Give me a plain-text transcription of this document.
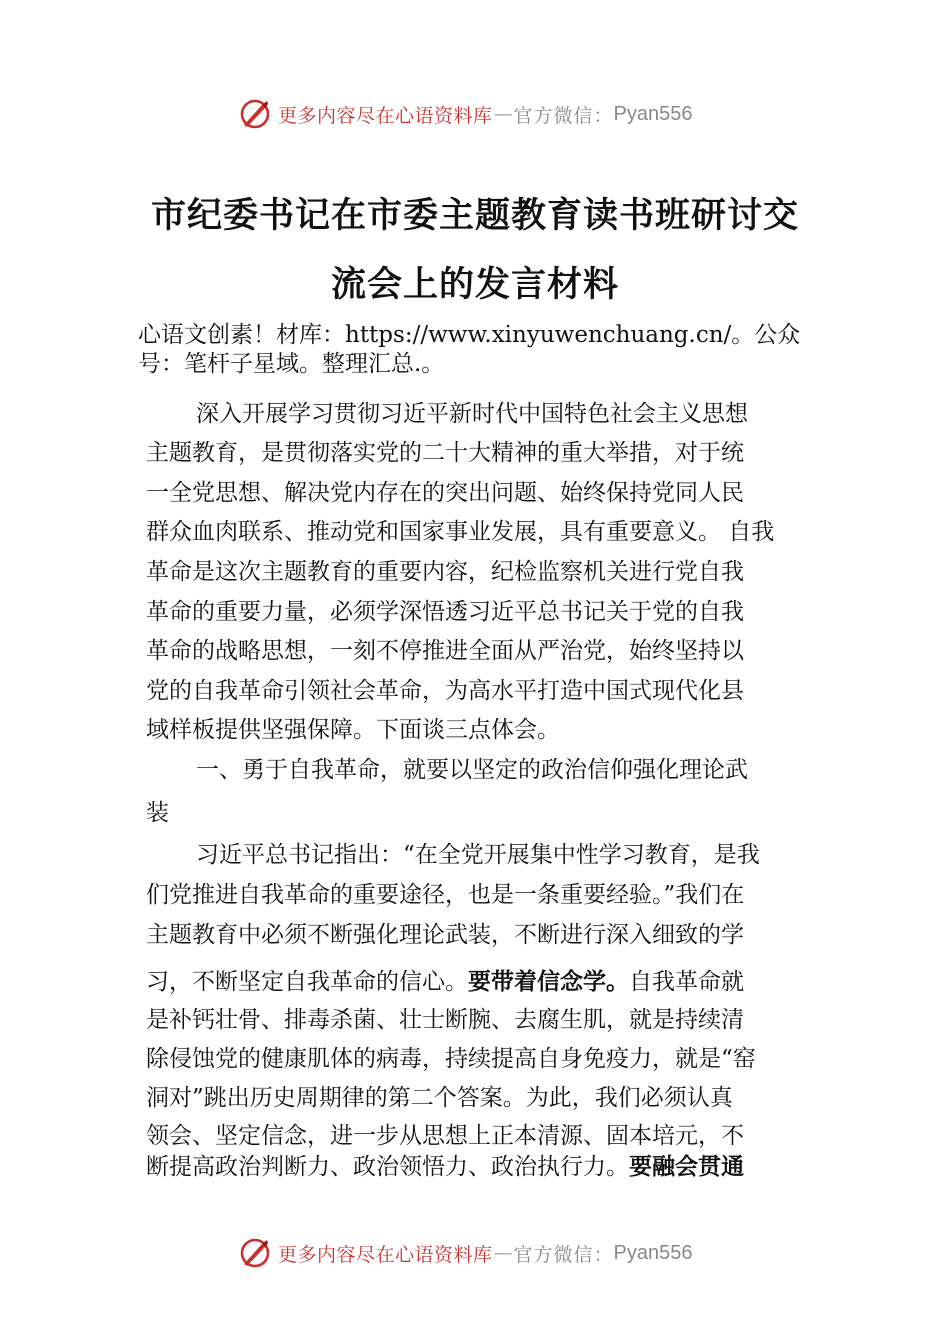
更多内容尽在心语资料库 — 官方微信： Pyan556
市纪委书记在市委主题教育读书班研讨交
流会上的发言材料
心语文创素！材库：https://www.xinyuwenchuang.cn/。公众
号：笔杆子星域。整理汇总.。
深入开展学习贯彻习近平新时代中国特色社会主义思想
主题教育，是贯彻落实党的二十大精神的重大举措，对于统
一全党思想、解决党内存在的突出问题、始终保持党同人民
群众血肉联系、推动党和国家事业发展，具有重要意义。 自我
革命是这次主题教育的重要内容，纪检监察机关进行党自我
革命的重要力量，必须学深悟透习近平总书记关于党的自我
革命的战略思想，一刻不停推进全面从严治党，始终坚持以
党的自我革命引领社会革命，为高水平打造中国式现代化县
域样板提供坚强保障。下面谈三点体会。
一、勇于自我革命，就要以坚定的政治信仰强化理论武
装
习近平总书记指出：“在全党开展集中性学习教育，是我
们党推进自我革命的重要途径，也是一条重要经验。”我们在
主题教育中必须不断强化理论武装，不断进行深入细致的学
习，不断坚定自我革命的信心。要带着信念学。自我革命就
是补钙壮骨、排毒杀菌、壮士断腕、去腐生肌，就是持续清
除侵蚀党的健康肌体的病毒，持续提高自身免疫力，就是“窑
洞对”跳出历史周期律的第二个答案。为此，我们必须认真
领会、坚定信念，进一步从思想上正本清源、固本培元，不
断提高政治判断力、政治领悟力、政治执行力。要融会贯通
更多内容尽在心语资料库 — 官方微信： Pyan556
